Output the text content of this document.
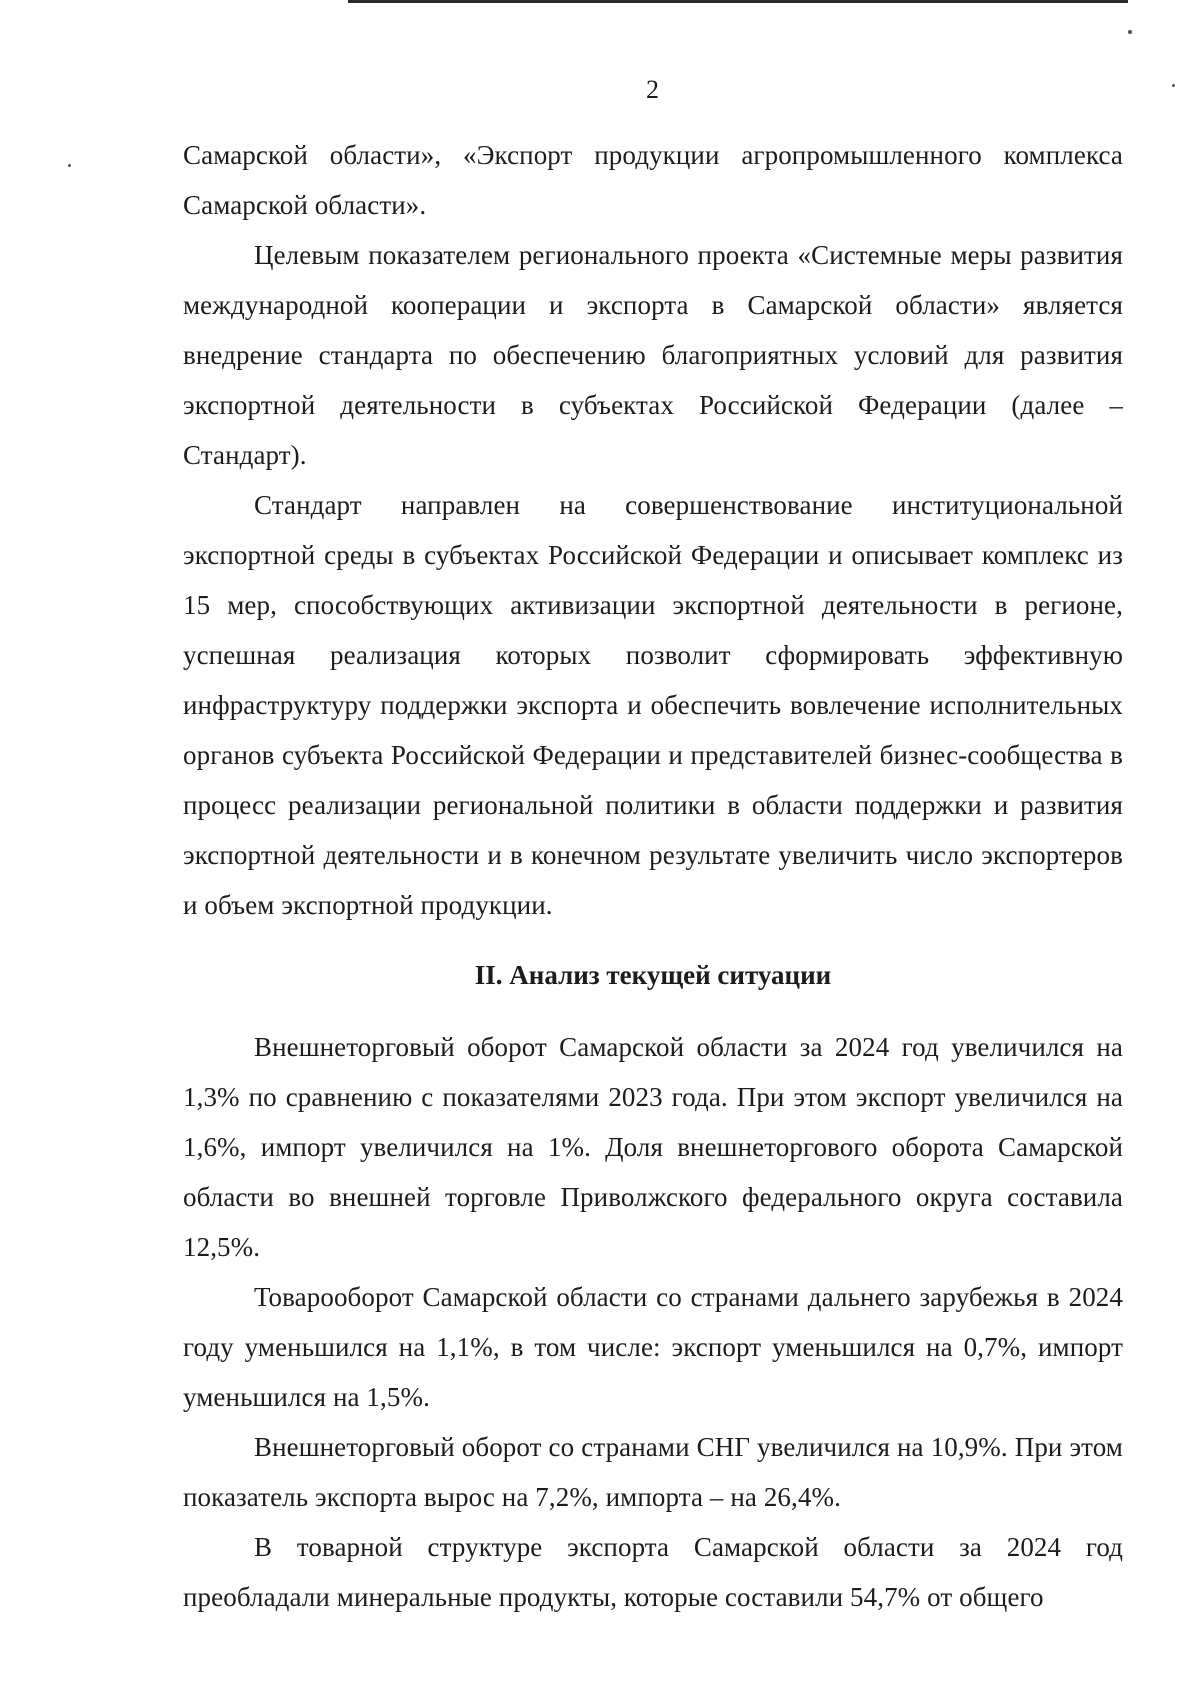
2

Самарской области», «Экспорт продукции агропромышленного комплекса Самарской области».

Целевым показателем регионального проекта «Системные меры развития международной кооперации и экспорта в Самарской области» является внедрение стандарта по обеспечению благоприятных условий для развития экспортной деятельности в субъектах Российской Федерации (далее – Стандарт).

Стандарт направлен на совершенствование институциональной экспортной среды в субъектах Российской Федерации и описывает комплекс из 15 мер, способствующих активизации экспортной деятельности в регионе, успешная реализация которых позволит сформировать эффективную инфраструктуру поддержки экспорта и обеспечить вовлечение исполнительных органов субъекта Российской Федерации и представителей бизнес-сообщества в процесс реализации региональной политики в области поддержки и развития экспортной деятельности и в конечном результате увеличить число экспортеров и объем экспортной продукции.

II. Анализ текущей ситуации

Внешнеторговый оборот Самарской области за 2024 год увеличился на 1,3% по сравнению с показателями 2023 года. При этом экспорт увеличился на 1,6%, импорт увеличился на 1%. Доля внешнеторгового оборота Самарской области во внешней торговле Приволжского федерального округа составила 12,5%.

Товарооборот Самарской области со странами дальнего зарубежья в 2024 году уменьшился на 1,1%, в том числе: экспорт уменьшился на 0,7%, импорт уменьшился на 1,5%.

Внешнеторговый оборот со странами СНГ увеличился на 10,9%. При этом показатель экспорта вырос на 7,2%, импорта – на 26,4%.

В товарной структуре экспорта Самарской области за 2024 год преобладали минеральные продукты, которые составили 54,7% от общего
